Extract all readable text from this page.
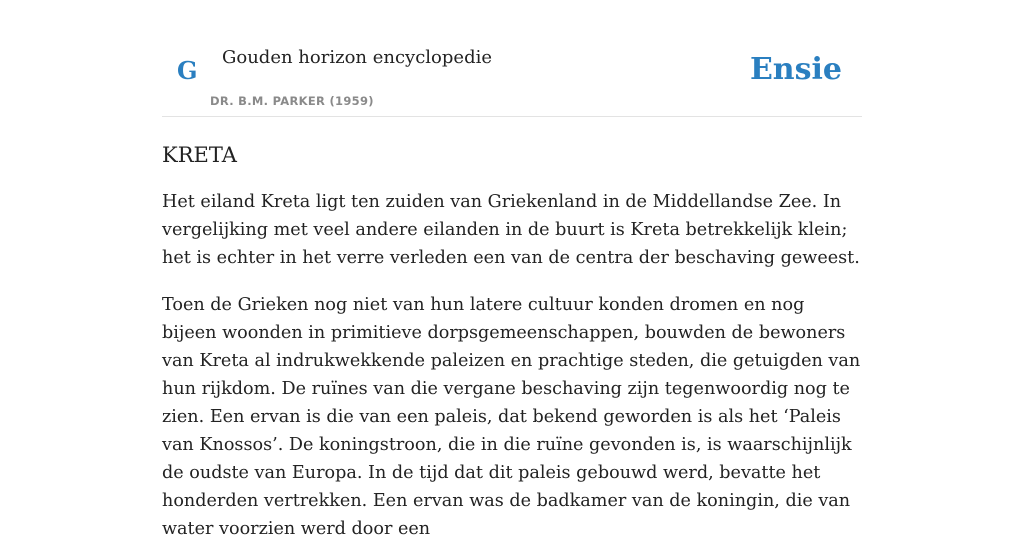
G Gouden horizon encyclopedie
DR. B.M. PARKER (1959)
Ensie
KRETA

Het eiland Kreta ligt ten zuiden van Griekenland in de Middellandse Zee. In vergelijking met veel andere eilanden in de buurt is Kreta betrekkelijk klein; het is echter in het verre verleden een van de centra der beschaving geweest.

Toen de Grieken nog niet van hun latere cultuur konden dromen en nog bijeen woonden in primitieve dorpsgemeenschappen, bouwden de bewoners van Kreta al indrukwekkende paleizen en prachtige steden, die getuigden van hun rijkdom. De ruïnes van die vergane beschaving zijn tegenwoordig nog te zien. Een ervan is die van een paleis, dat bekend geworden is als het ‘Paleis van Knossos’. De koningstroon, die in die ruïne gevonden is, is waarschijnlijk de oudste van Europa. In de tijd dat dit paleis gebouwd werd, bevatte het honderden vertrekken. Een ervan was de badkamer van de koningin, die van water voorzien werd door een
